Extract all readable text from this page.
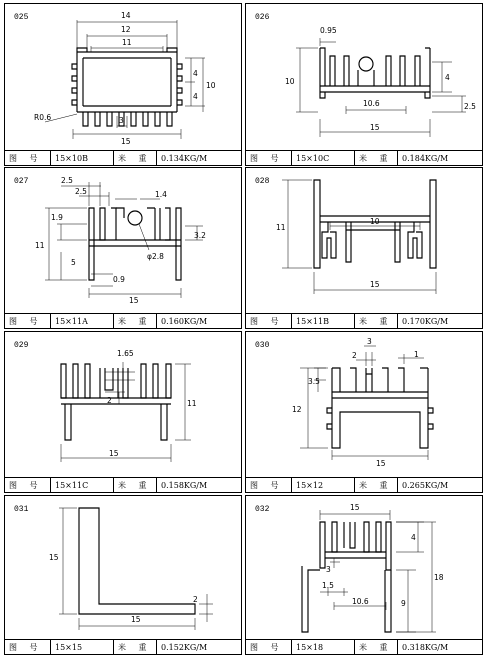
025	14
12
11
4
4
10
R0.6	3
15
图 号	15×10B	米 重	0.134KG/M
026
0.95
10
10.6
4
2.5
15
图 号	15×10C	米 重	0.184KG/M
027	2.5
2.5	1.4
1.9
11
3.2
5
φ2.8
0.9
15
图 号	15×11A	米 重	0.160KG/M
028
11
10
15
图 号	15×11B	米 重	0.170KG/M
029
1.65
2	11
15
图 号	15×11C	米 重	0.158KG/M
030	3
2	1
3.5
12
15
图 号	15×12	米 重	0.265KG/M
031
15
2
15
图 号	15×15	米 重	0.152KG/M
032	15
4
3
1.5
10.6	9
18
图 号	15×18	米 重	0.318KG/M
